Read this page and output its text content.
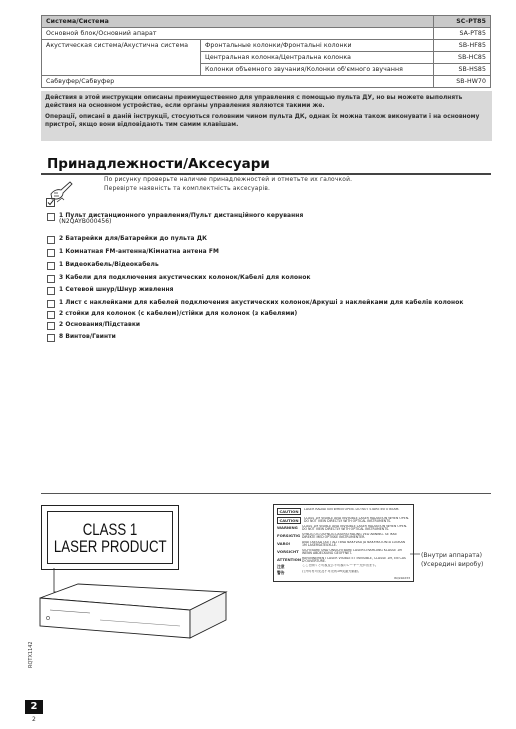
Система/Система		SC-PT85
Основной блок/Основний апарат		SA-PT85
Акустическая система/Акустична система	Фронтальные колонки/Фронтальні колонки	SB-HF85
	Центральная колонка/Центральна колонка	SB-HC85
	Колонки объемного звучания/Колонки об'ємного звучання	SB-HS85
Сабвуфер/Сабвуфер		SB-HW70

Действия в этой инструкции описаны преимущественно для управления с помощью пульта ДУ, но вы можете выполнять действия на основном устройстве, если органы управления являются такими же.

Операції, описані в даній інструкції, стосуються головним чином пульта ДК, однак їх можна також виконувати і на основному пристрої, якщо вони відповідають тим самим клавішам.

Принадлежности/Аксесуари
По рисунку проверьте наличие принадлежностей и отметьте их галочкой.
Перевірте наявність та комплектність аксесуарів.
1 Пульт дистанционного управления/Пульт дистанційного керування
(N2QAYB000456)
2 Батарейки для/Батарейки до пульта ДК
1 Комнатная FM-антенна/Кімнатна антена FM
1 Видеокабель/Відеокабель
3 Кабели для подключения акустических колонок/Кабелі для колонок
1 Сетевой шнур/Шнур живлення
1 Лист с наклейками для кабелей подключения акустических колонок/Аркуші з наклейками для кабелів колонок
2 стойки для колонок (с кабелем)/стійки для колонок (з кабелями)
2 Основания/Підставки
8 Винтов/Гвинти
CLASS 1
LASER PRODUCT
CAUTION	LASER RADIATION WHEN OPEN. DO NOT STARE INTO BEAM.
CAUTION	CLASS 1M VISIBLE AND INVISIBLE LASER RADIATION WHEN OPEN. DO NOT VIEW DIRECTLY WITH OPTICAL INSTRUMENTS.
WARNING	CLASS 1M VISIBLE AND INVISIBLE LASER RADIATION WHEN OPEN. DO NOT VIEW DIRECTLY WITH OPTICAL INSTRUMENTS.
FORSIGTIG SYNLIG OG USYNLIG LASERSTRÅLING VED ÅBNING. SE IKKE DIREKTE MED OPTISKE INSTRUMENTER.
VARO!	AVATTAESSA OLET ALTTIINA NÄKYVÄÄ JA NÄKYMÄTÖNTÄ LUOKAN 1M LASERSÄTEILYLLE.
VORSICHT	SICHTBARE UND UNSICHTBARE LASERSTRAHLUNG KLASSE 1M WENN ABDECKUNG GEÖFFNET.
ATTENTION RAYONNEMENT LASER VISIBLE ET INVISIBLE, CLASSE 1M, EN CAS D'OUVERTURE.
注意	ここを開くと可視及び不可視のレーザー光が出ます。
警告	打开时有可见及不可见的1M类激光辐射。
RQLS0233
(Внутри аппарата)
(Усередині виробу)
RQTX1142
2
2
